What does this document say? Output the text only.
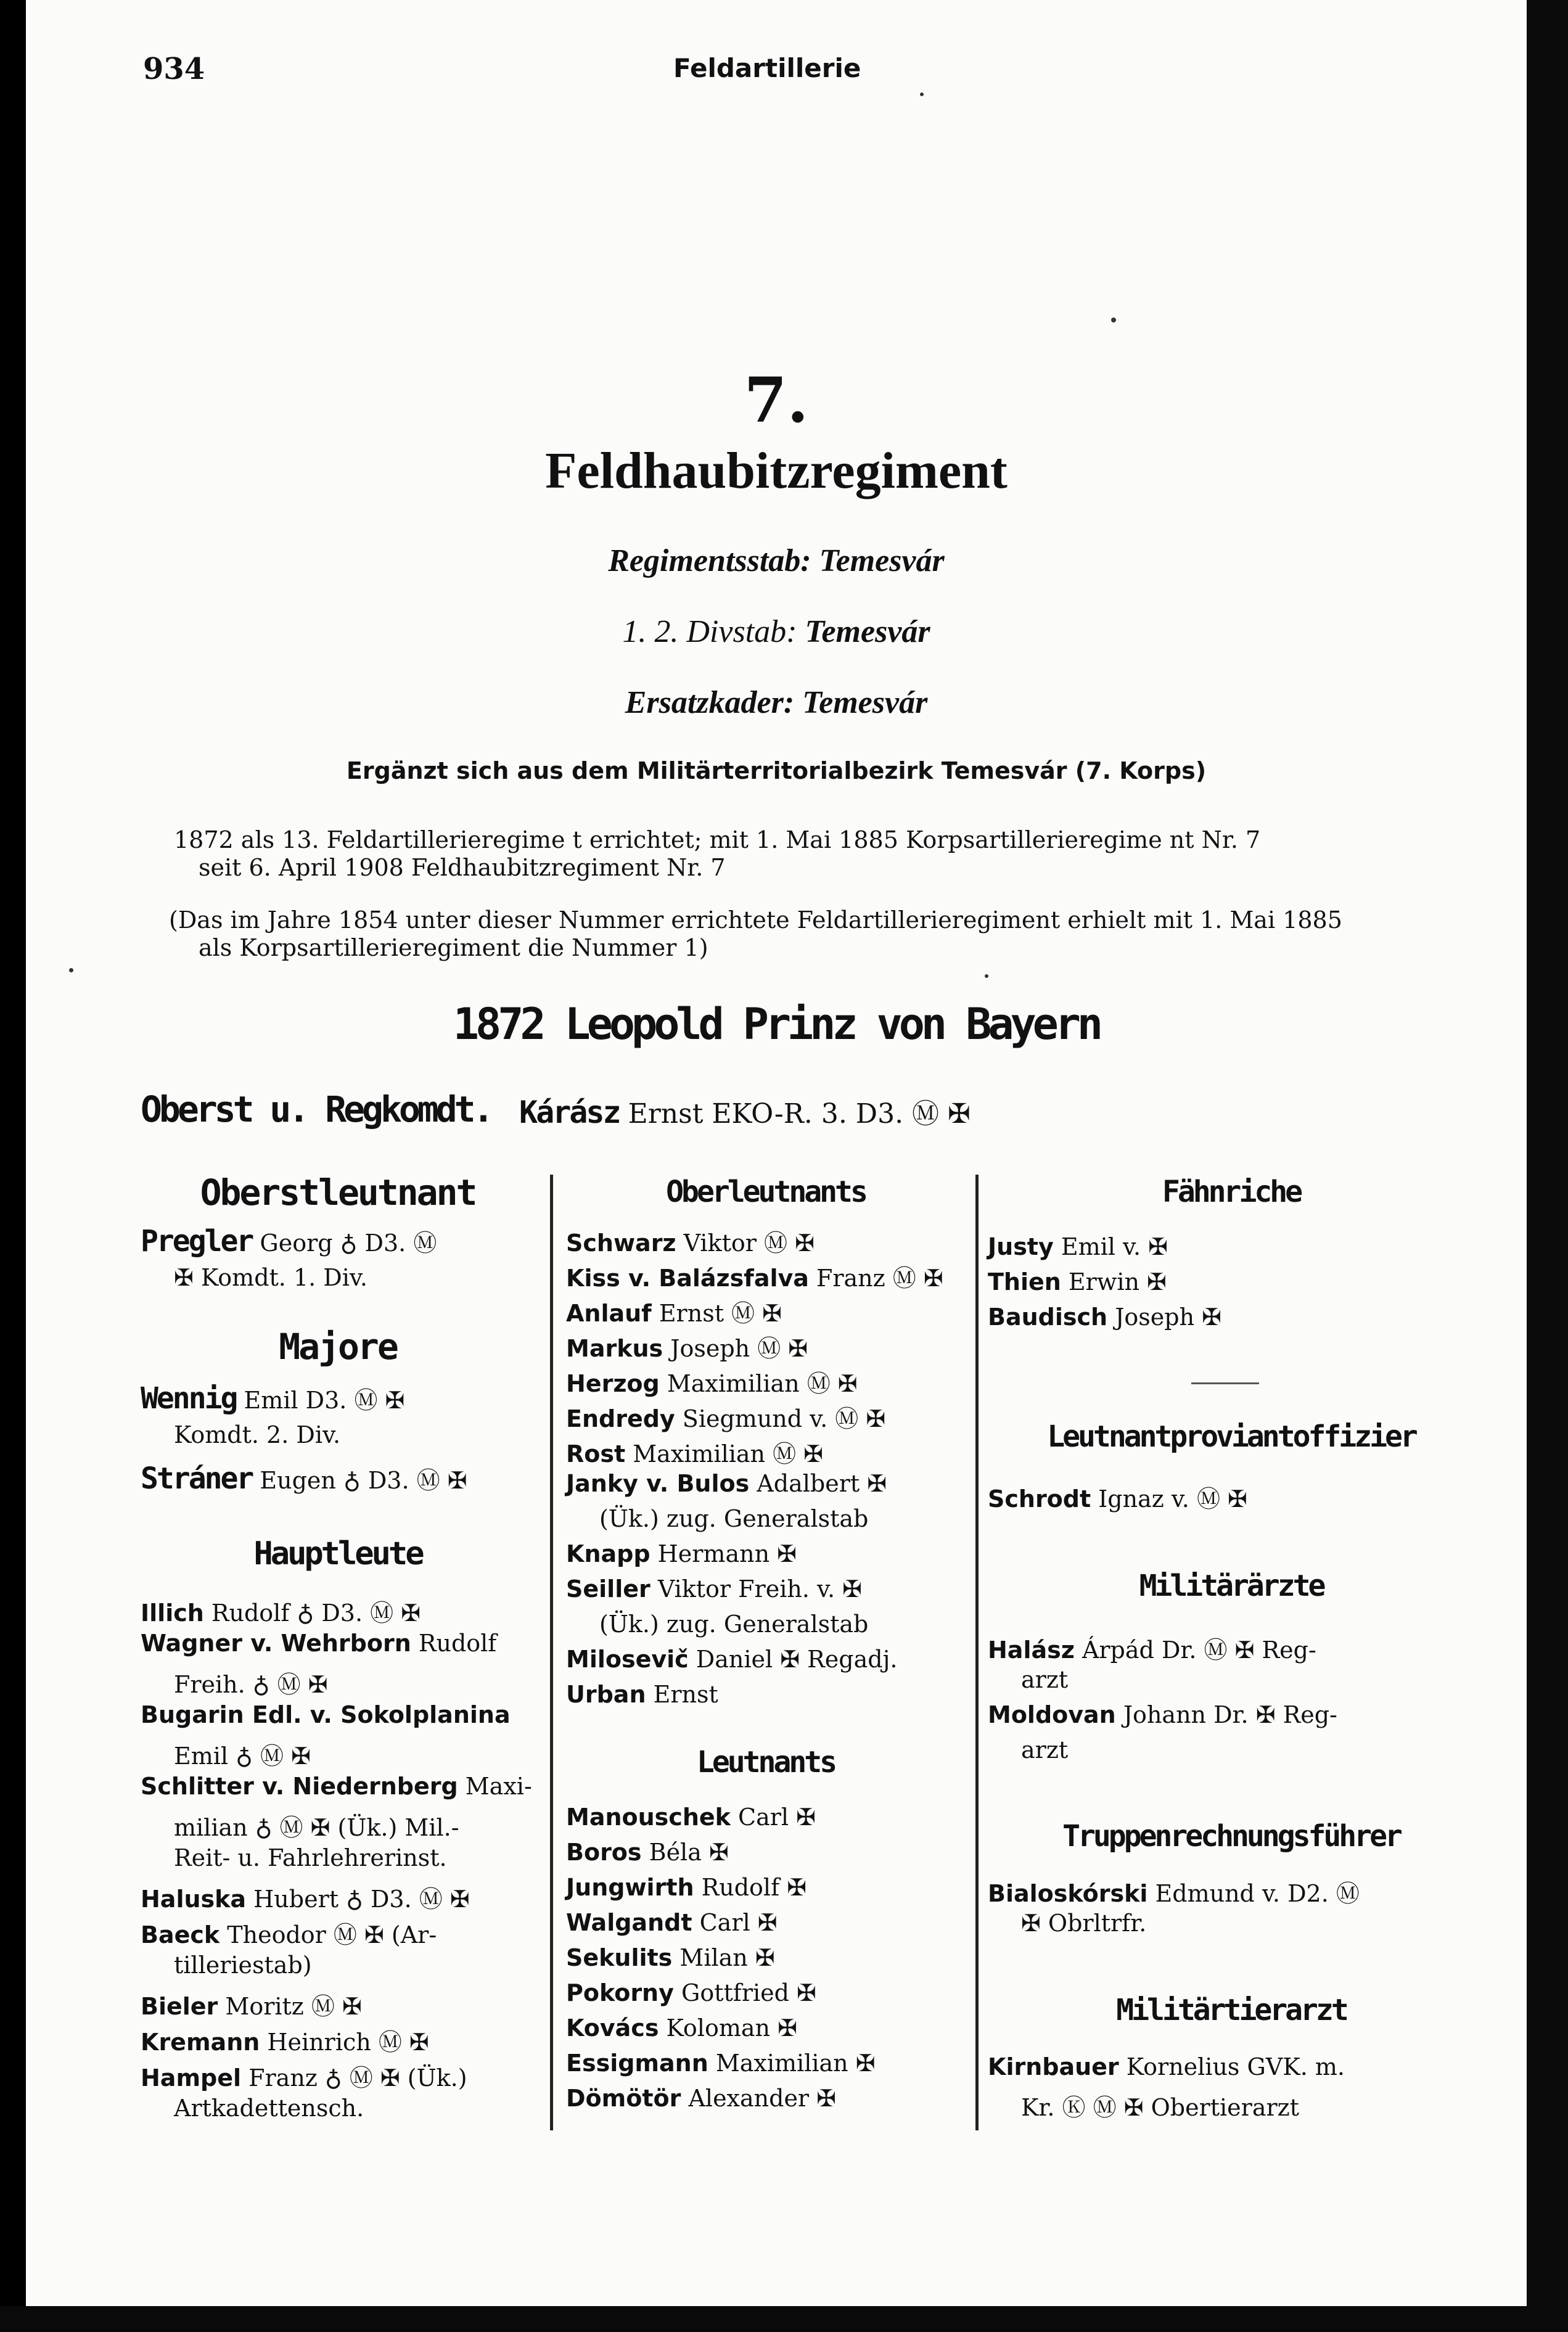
934	Feldartillerie
7.
Feldhaubitzregiment
Regimentsstab: Temesvár
1. 2. Divstab: Temesvár
Ersatzkader: Temesvár
Ergänzt sich aus dem Militärterritorialbezirk Temesvár (7. Korps)
1872 als 13. Feldartillerieregime t errichtet; mit 1. Mai 1885 Korpsartillerieregime nt Nr. 7
seit 6. April 1908 Feldhaubitzregiment Nr. 7
(Das im Jahre 1854 unter dieser Nummer errichtete Feldartillerieregiment erhielt mit 1. Mai 1885
als Korpsartillerieregiment die Nummer 1)
1872 Leopold Prinz von Bayern
Oberst u. Regkomdt. Kárász Ernst EKO-R. 3. D3. Ⓜ ✠
Oberstleutnant
Pregler Georg ♁ D3. Ⓜ
✠ Komdt. 1. Div.
Majore
Wennig Emil D3. Ⓜ ✠
Komdt. 2. Div.
Stráner Eugen ♁ D3. Ⓜ ✠
Hauptleute
Illich Rudolf ♁ D3. Ⓜ ✠
Wagner v. Wehrborn Rudolf
Freih. ♁ Ⓜ ✠
Bugarin Edl. v. Sokolplanina
Emil ♁ Ⓜ ✠
Schlitter v. Niedernberg Maxi-
milian ♁ Ⓜ ✠ (Ük.) Mil.-
Reit- u. Fahrlehrerinst.
Haluska Hubert ♁ D3. Ⓜ ✠
Baeck Theodor Ⓜ ✠ (Ar-
tilleriestab)
Bieler Moritz Ⓜ ✠
Kremann Heinrich Ⓜ ✠
Hampel Franz ♁ Ⓜ ✠ (Ük.)
Artkadettensch.
Oberleutnants
Schwarz Viktor Ⓜ ✠
Kiss v. Balázsfalva Franz Ⓜ ✠
Anlauf Ernst Ⓜ ✠
Markus Joseph Ⓜ ✠
Herzog Maximilian Ⓜ ✠
Endredy Siegmund v. Ⓜ ✠
Rost Maximilian Ⓜ ✠
Janky v. Bulos Adalbert ✠
(Ük.) zug. Generalstab
Knapp Hermann ✠
Seiller Viktor Freih. v. ✠
(Ük.) zug. Generalstab
Milosevič Daniel ✠ Regadj.
Urban Ernst
Leutnants
Manouschek Carl ✠
Boros Béla ✠
Jungwirth Rudolf ✠
Walgandt Carl ✠
Sekulits Milan ✠
Pokorny Gottfried ✠
Kovács Koloman ✠
Essigmann Maximilian ✠
Dömötör Alexander ✠
Fähnriche
Justy Emil v. ✠
Thien Erwin ✠
Baudisch Joseph ✠
Leutnantproviantoffizier
Schrodt Ignaz v. Ⓜ ✠
Militärärzte
Halász Árpád Dr. Ⓜ ✠ Reg-
arzt
Moldovan Johann Dr. ✠ Reg-
arzt
Truppenrechnungsführer
Bialoskórski Edmund v. D2. Ⓜ
✠ Obrltrfr.
Militärtierarzt
Kirnbauer Kornelius GVK. m.
Kr. Ⓚ Ⓜ ✠ Obertierarzt
